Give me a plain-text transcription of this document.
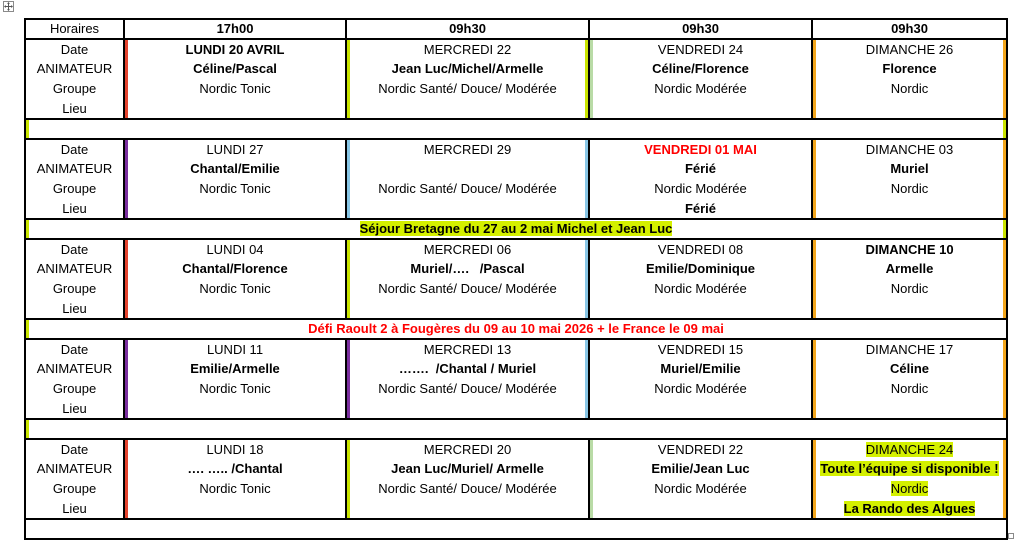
Horaires	17h00	09h30	09h30	09h30
Date	LUNDI 20 AVRIL	MERCREDI 22	VENDREDI 24	DIMANCHE 26
ANIMATEUR	Céline/Pascal	Jean Luc/Michel/Armelle	Céline/Florence	Florence
Groupe	Nordic Tonic	Nordic Santé/ Douce/ Modérée	Nordic Modérée	Nordic
Lieu				

Date	LUNDI 27	MERCREDI 29	VENDREDI 01 MAI	DIMANCHE 03
ANIMATEUR	Chantal/Emilie		Férié	Muriel
Groupe	Nordic Tonic	Nordic Santé/ Douce/ Modérée	Nordic Modérée	Nordic
Lieu			Férié	
Séjour Bretagne du 27 au 2 mai Michel et Jean Luc				
Date	LUNDI 04	MERCREDI 06	VENDREDI 08	DIMANCHE 10
ANIMATEUR	Chantal/Florence	Muriel/….   /Pascal	Emilie/Dominique	Armelle
Groupe	Nordic Tonic	Nordic Santé/ Douce/ Modérée	Nordic Modérée	Nordic
Lieu				
Défi Raoult 2 à Fougères du 09 au 10 mai 2026 + le France le 09 mai				
Date	LUNDI 11	MERCREDI 13	VENDREDI 15	DIMANCHE 17
ANIMATEUR	Emilie/Armelle	…….  /Chantal / Muriel	Muriel/Emilie	Céline
Groupe	Nordic Tonic	Nordic Santé/ Douce/ Modérée	Nordic Modérée	Nordic
Lieu				

Date	LUNDI 18	MERCREDI 20	VENDREDI 22	DIMANCHE 24
ANIMATEUR	…. ….. /Chantal	Jean Luc/Muriel/ Armelle	Emilie/Jean Luc	Toute l’équipe si disponible !
Groupe	Nordic Tonic	Nordic Santé/ Douce/ Modérée	Nordic Modérée	Nordic
Lieu				La Rando des Algues
